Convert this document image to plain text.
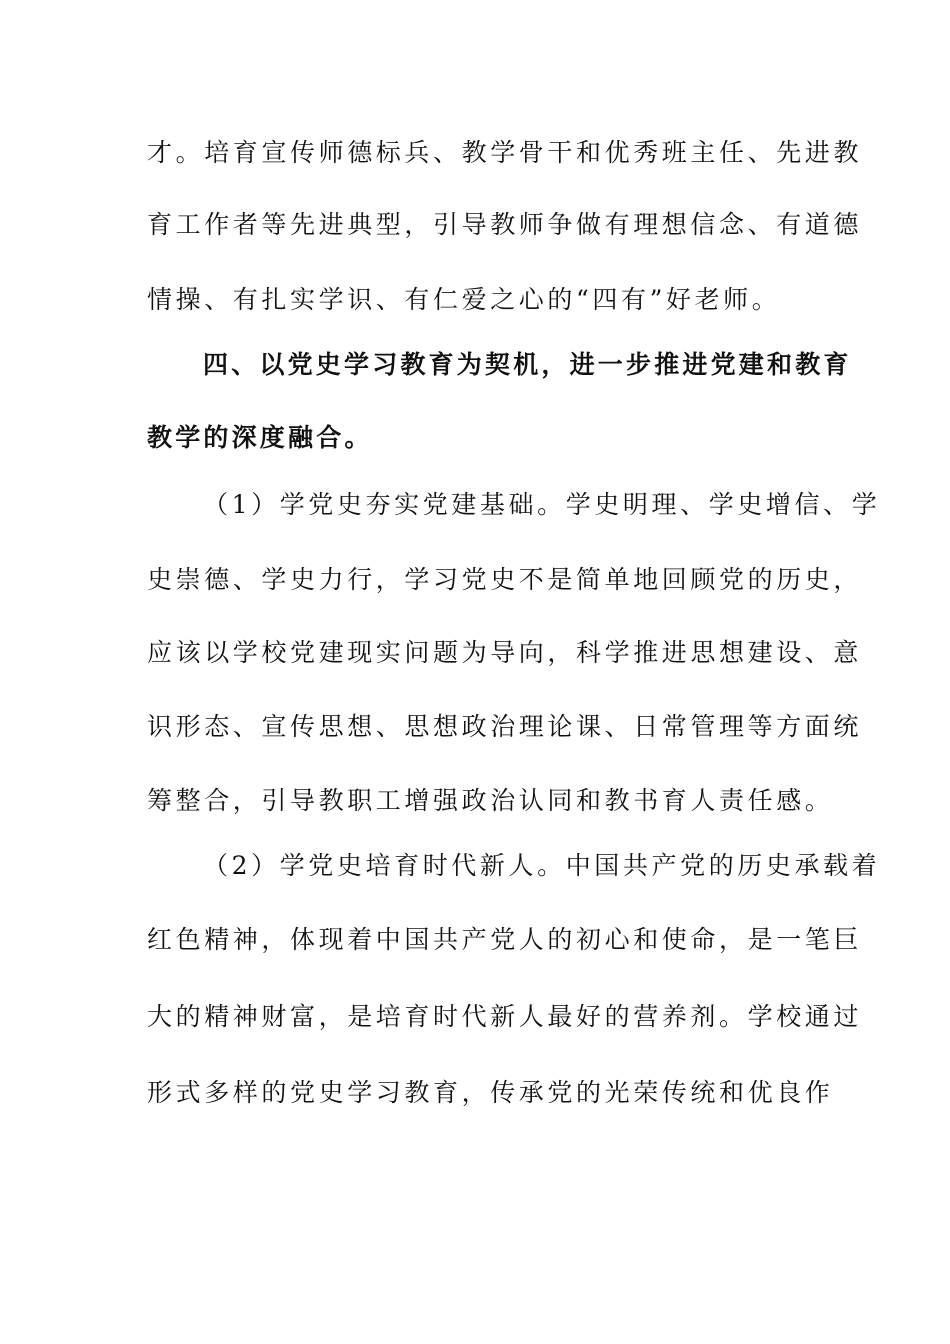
才。培育宣传师德标兵、教学骨干和优秀班主任、先进教
育工作者等先进典型，引导教师争做有理想信念、有道德
情操、有扎实学识、有仁爱之心的“四有”好老师。
四、以党史学习教育为契机，进一步推进党建和教育
教学的深度融合。
（1）学党史夯实党建基础。学史明理、学史增信、学
史崇德、学史力行，学习党史不是简单地回顾党的历史，
应该以学校党建现实问题为导向，科学推进思想建设、意
识形态、宣传思想、思想政治理论课、日常管理等方面统
筹整合，引导教职工增强政治认同和教书育人责任感。
（2）学党史培育时代新人。中国共产党的历史承载着
红色精神，体现着中国共产党人的初心和使命，是一笔巨
大的精神财富，是培育时代新人最好的营养剂。学校通过
形式多样的党史学习教育，传承党的光荣传统和优良作
